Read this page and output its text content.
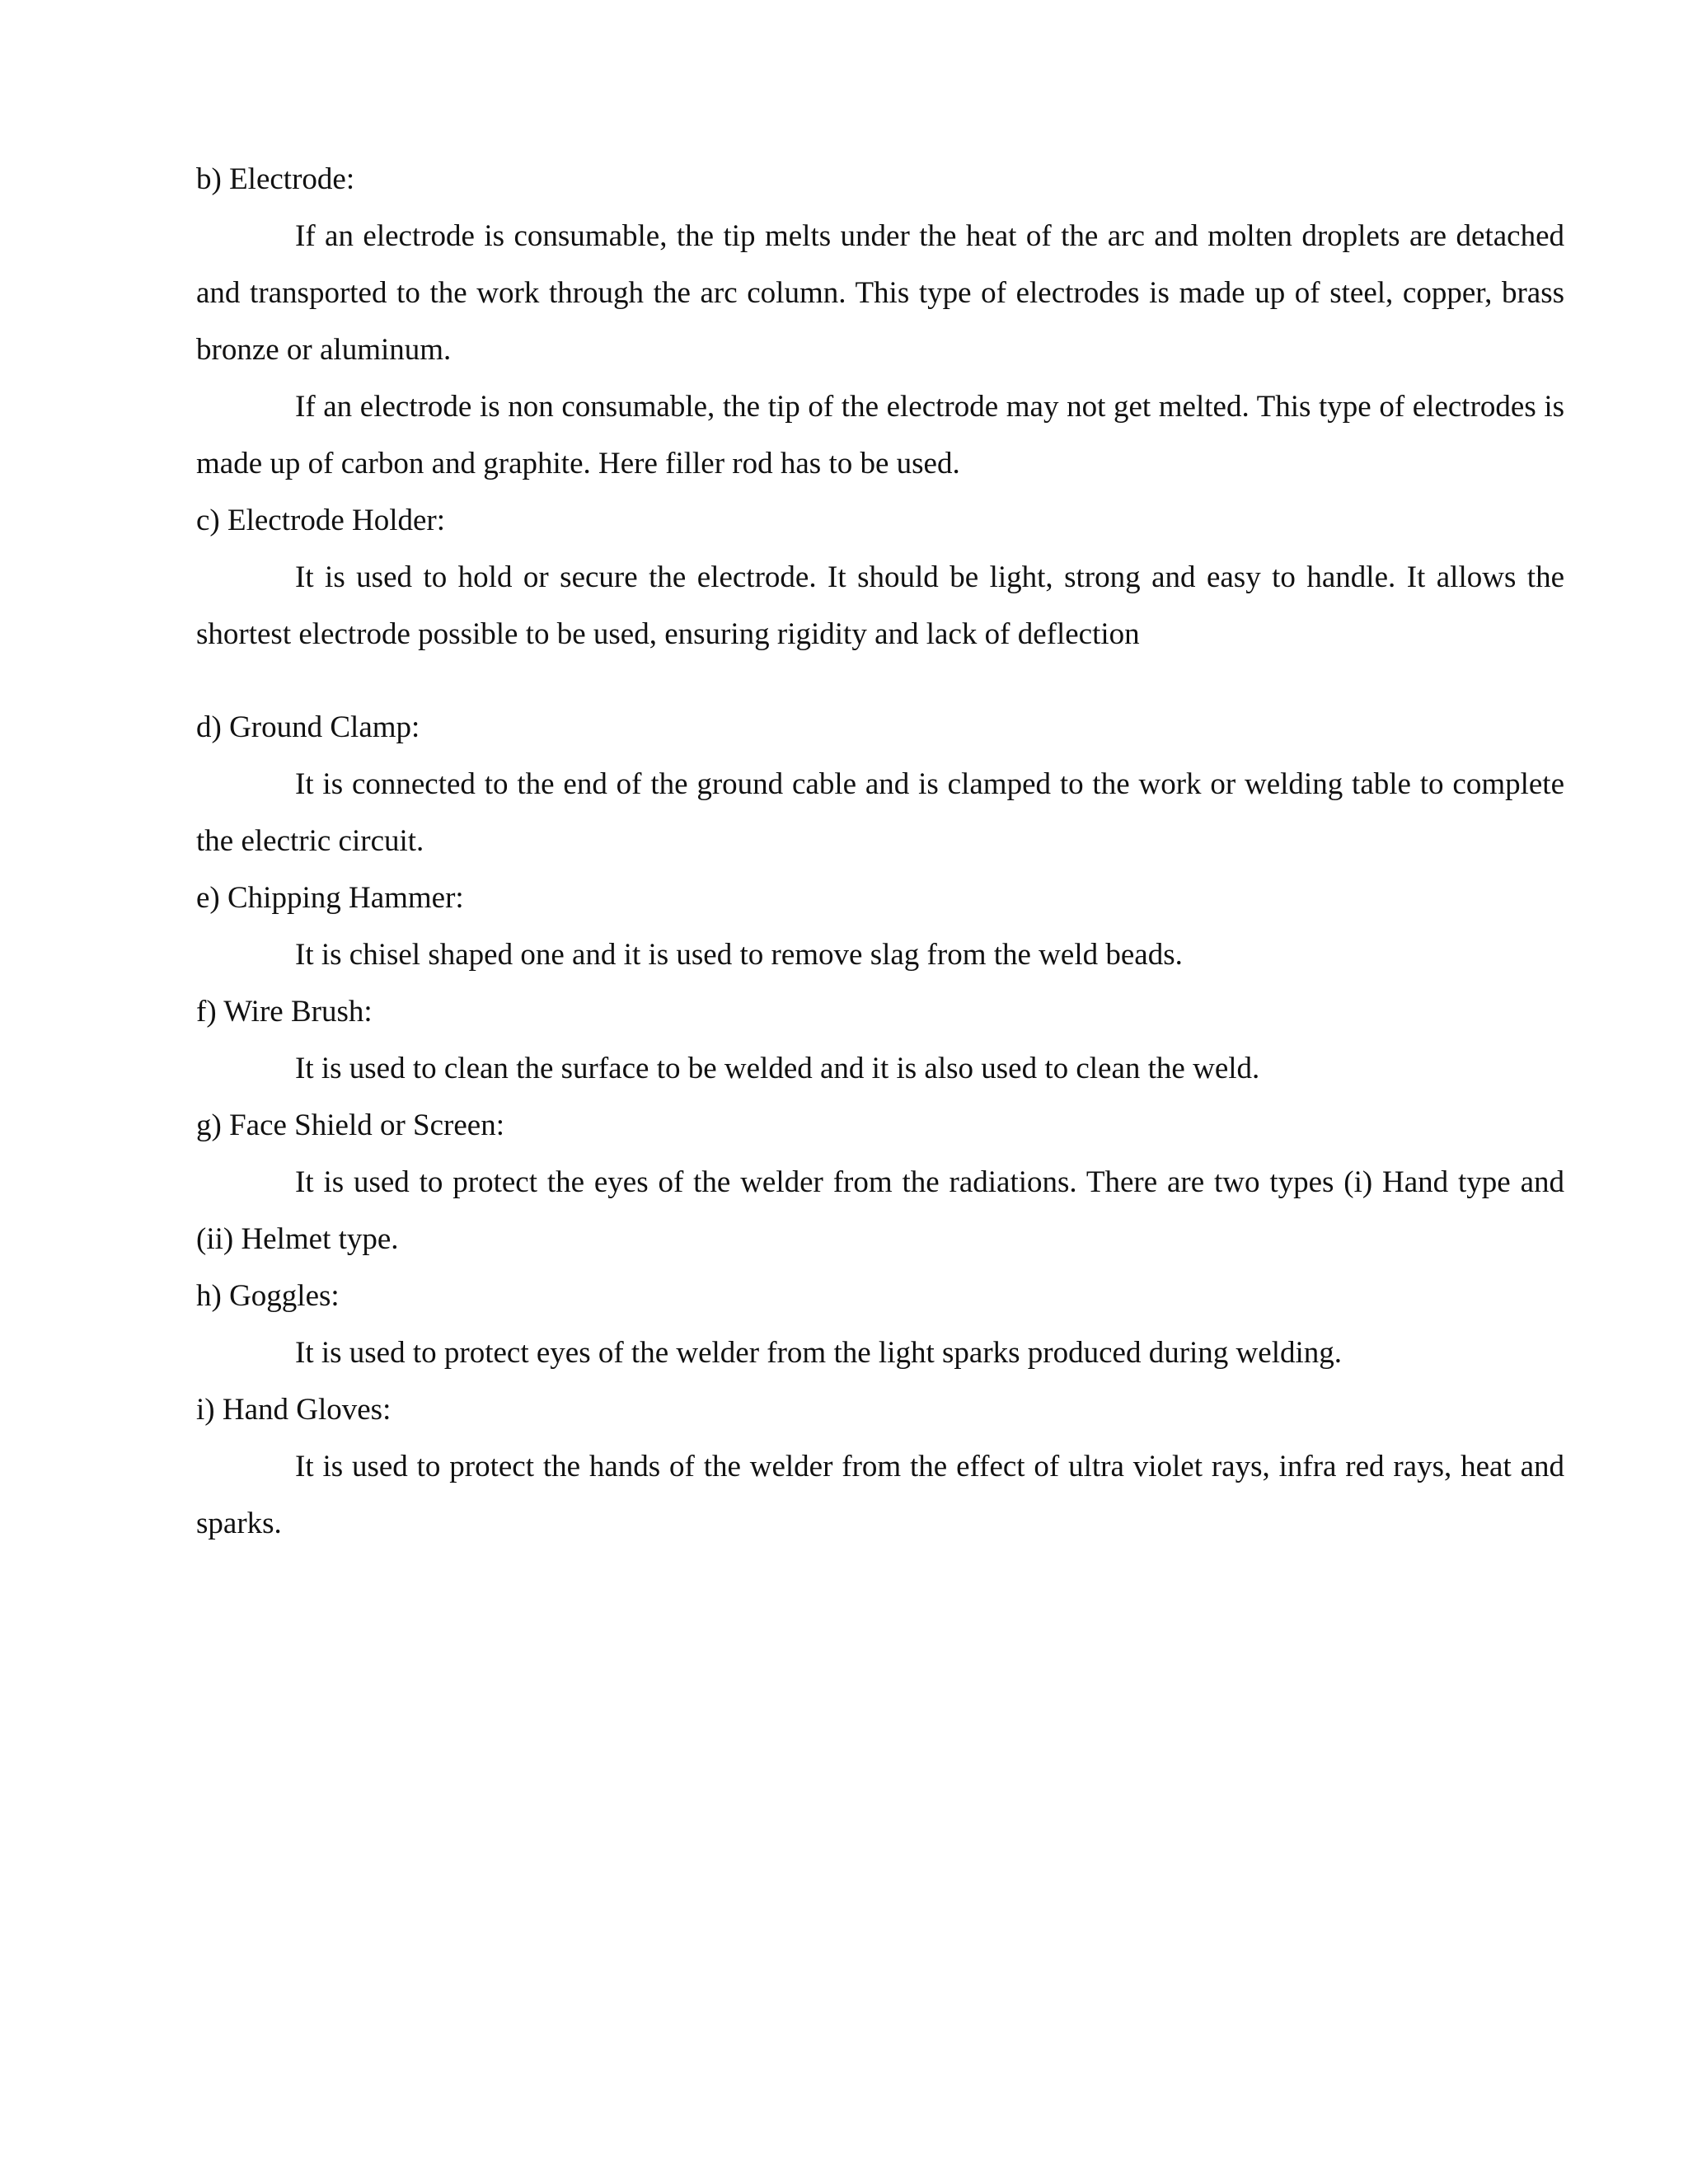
b) Electrode:

If an electrode is consumable, the tip melts under the heat of the arc and molten droplets are detached and transported to the work through the arc column. This type of electrodes is made up of steel, copper, brass bronze or aluminum.

If an electrode is non consumable, the tip of the electrode may not get melted. This type of electrodes is made up of carbon and graphite. Here filler rod has to be used.

c) Electrode Holder:

It is used to hold or secure the electrode. It should be light, strong and easy to handle. It allows the shortest electrode possible to be used, ensuring rigidity and lack of deflection

d) Ground Clamp:

It is connected to the end of the ground cable and is clamped to the work or welding table to complete the electric circuit.

e) Chipping Hammer:

It is chisel shaped one and it is used to remove slag from the weld beads.

f) Wire Brush:

It is used to clean the surface to be welded and it is also used to clean the weld.

g) Face Shield or Screen:

It is used to protect the eyes of the welder from the radiations. There are two types (i) Hand type and (ii) Helmet type.

h) Goggles:

It is used to protect eyes of the welder from the light sparks produced during welding.

i) Hand Gloves:

It is used to protect the hands of the welder from the effect of ultra violet rays, infra red rays, heat and sparks.
